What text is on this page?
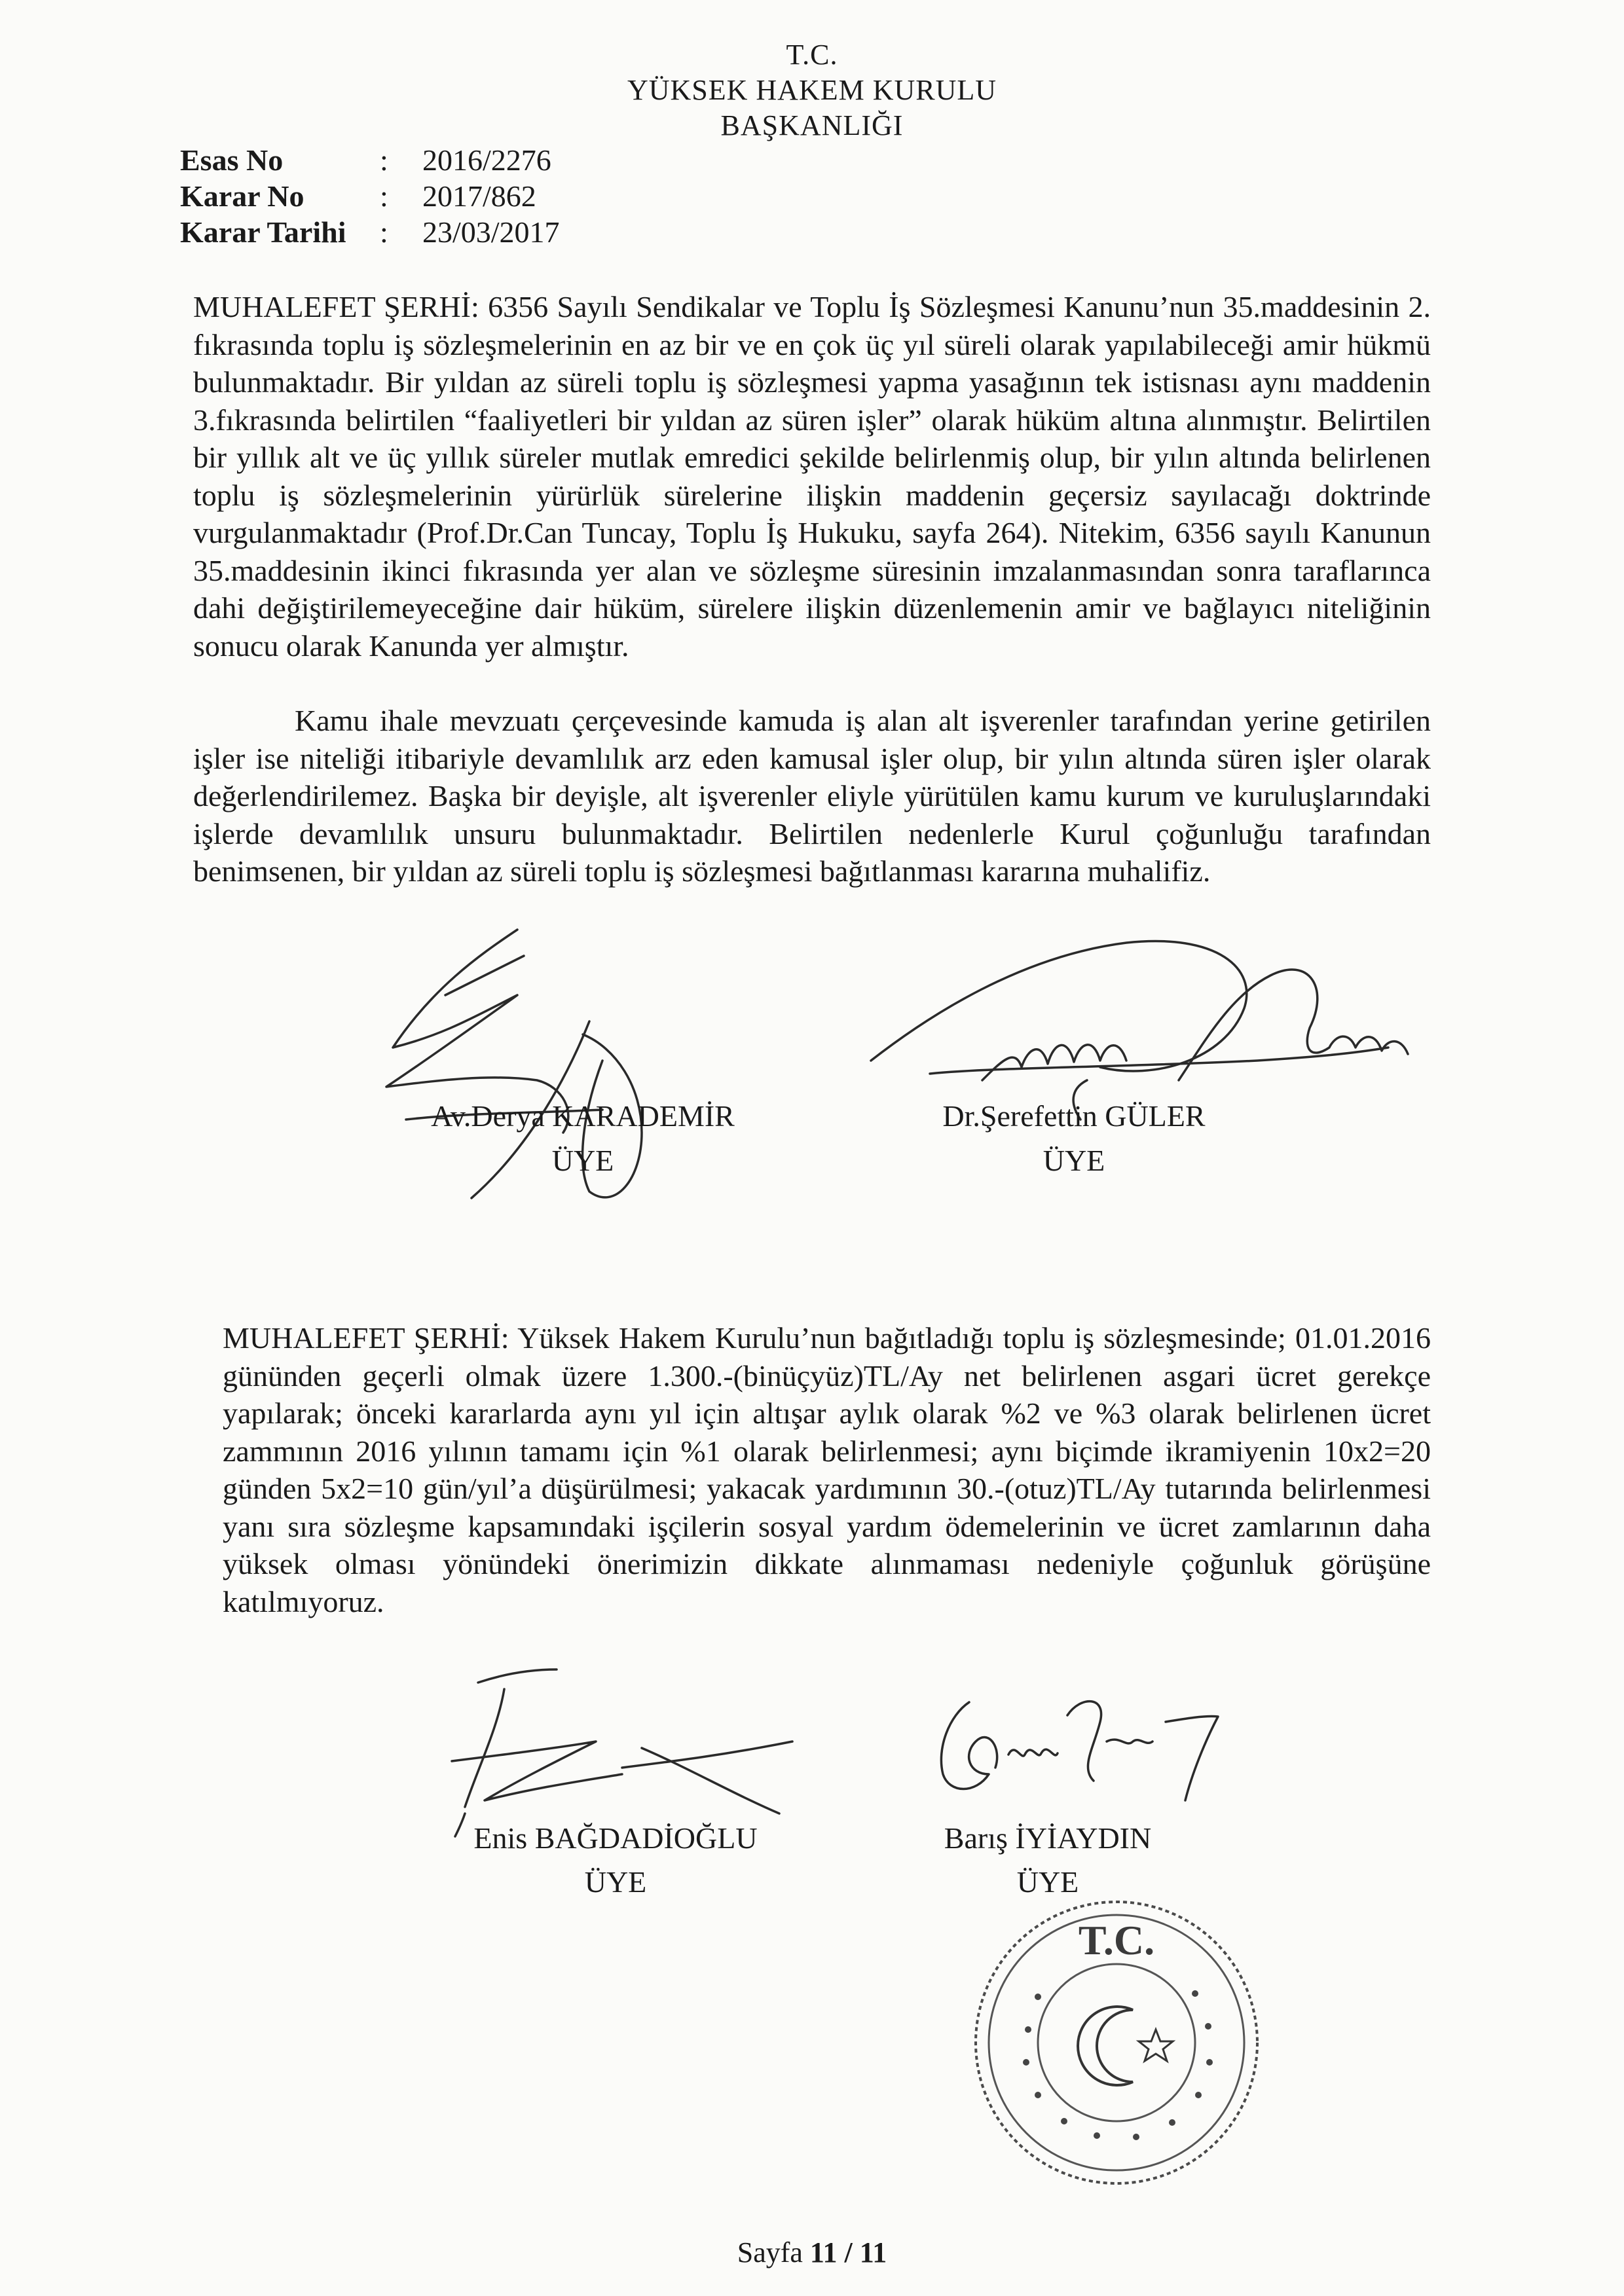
T.C.
YÜKSEK HAKEM KURULU
BAŞKANLIĞI
Esas No	: 2016/2276
Karar No	: 2017/862
Karar Tarihi : 23/03/2017

MUHALEFET ŞERHİ: 6356 Sayılı Sendikalar ve Toplu İş Sözleşmesi Kanunu’nun 35.maddesinin 2. fıkrasında toplu iş sözleşmelerinin en az bir ve en çok üç yıl süreli olarak yapılabileceği amir hükmü bulunmaktadır. Bir yıldan az süreli toplu iş sözleşmesi yapma yasağının tek istisnası aynı maddenin 3.fıkrasında belirtilen “faaliyetleri bir yıldan az süren işler” olarak hüküm altına alınmıştır. Belirtilen bir yıllık alt ve üç yıllık süreler mutlak emredici şekilde belirlenmiş olup, bir yılın altında belirlenen toplu iş sözleşmelerinin yürürlük sürelerine ilişkin maddenin geçersiz sayılacağı doktrinde vurgulanmaktadır (Prof.Dr.Can Tuncay, Toplu İş Hukuku, sayfa 264). Nitekim, 6356 sayılı Kanunun 35.maddesinin ikinci fıkrasında yer alan ve sözleşme süresinin imzalanmasından sonra taraflarınca dahi değiştirilemeyeceğine dair hüküm, sürelere ilişkin düzenlemenin amir ve bağlayıcı niteliğinin sonucu olarak Kanunda yer almıştır.

Kamu ihale mevzuatı çerçevesinde kamuda iş alan alt işverenler tarafından yerine getirilen işler ise niteliği itibariyle devamlılık arz eden kamusal işler olup, bir yılın altında süren işler olarak değerlendirilemez. Başka bir deyişle, alt işverenler eliyle yürütülen kamu kurum ve kuruluşlarındaki işlerde devamlılık unsuru bulunmaktadır. Belirtilen nedenlerle Kurul çoğunluğu tarafından benimsenen, bir yıldan az süreli toplu iş sözleşmesi bağıtlanması kararına muhalifiz.

Av.Derya KARADEMİR
ÜYE
Dr.Şerefettin GÜLER
ÜYE

MUHALEFET ŞERHİ: Yüksek Hakem Kurulu’nun bağıtladığı toplu iş sözleşmesinde; 01.01.2016 gününden geçerli olmak üzere 1.300.-(binüçyüz)TL/Ay net belirlenen asgari ücret gerekçe yapılarak; önceki kararlarda aynı yıl için altışar aylık olarak %2 ve %3 olarak belirlenen ücret zammının 2016 yılının tamamı için %1 olarak belirlenmesi; aynı biçimde ikramiyenin 10x2=20 günden 5x2=10 gün/yıl’a düşürülmesi; yakacak yardımının 30.-(otuz)TL/Ay tutarında belirlenmesi yanı sıra sözleşme kapsamındaki işçilerin sosyal yardım ödemelerinin ve ücret zamlarının daha yüksek olması yönündeki önerimizin dikkate alınmaması nedeniyle çoğunluk görüşüne katılmıyoruz.

Enis BAĞDADİOĞLU
ÜYE
Barış İYİAYDIN
ÜYE
T.C.
Sayfa 11 / 11
